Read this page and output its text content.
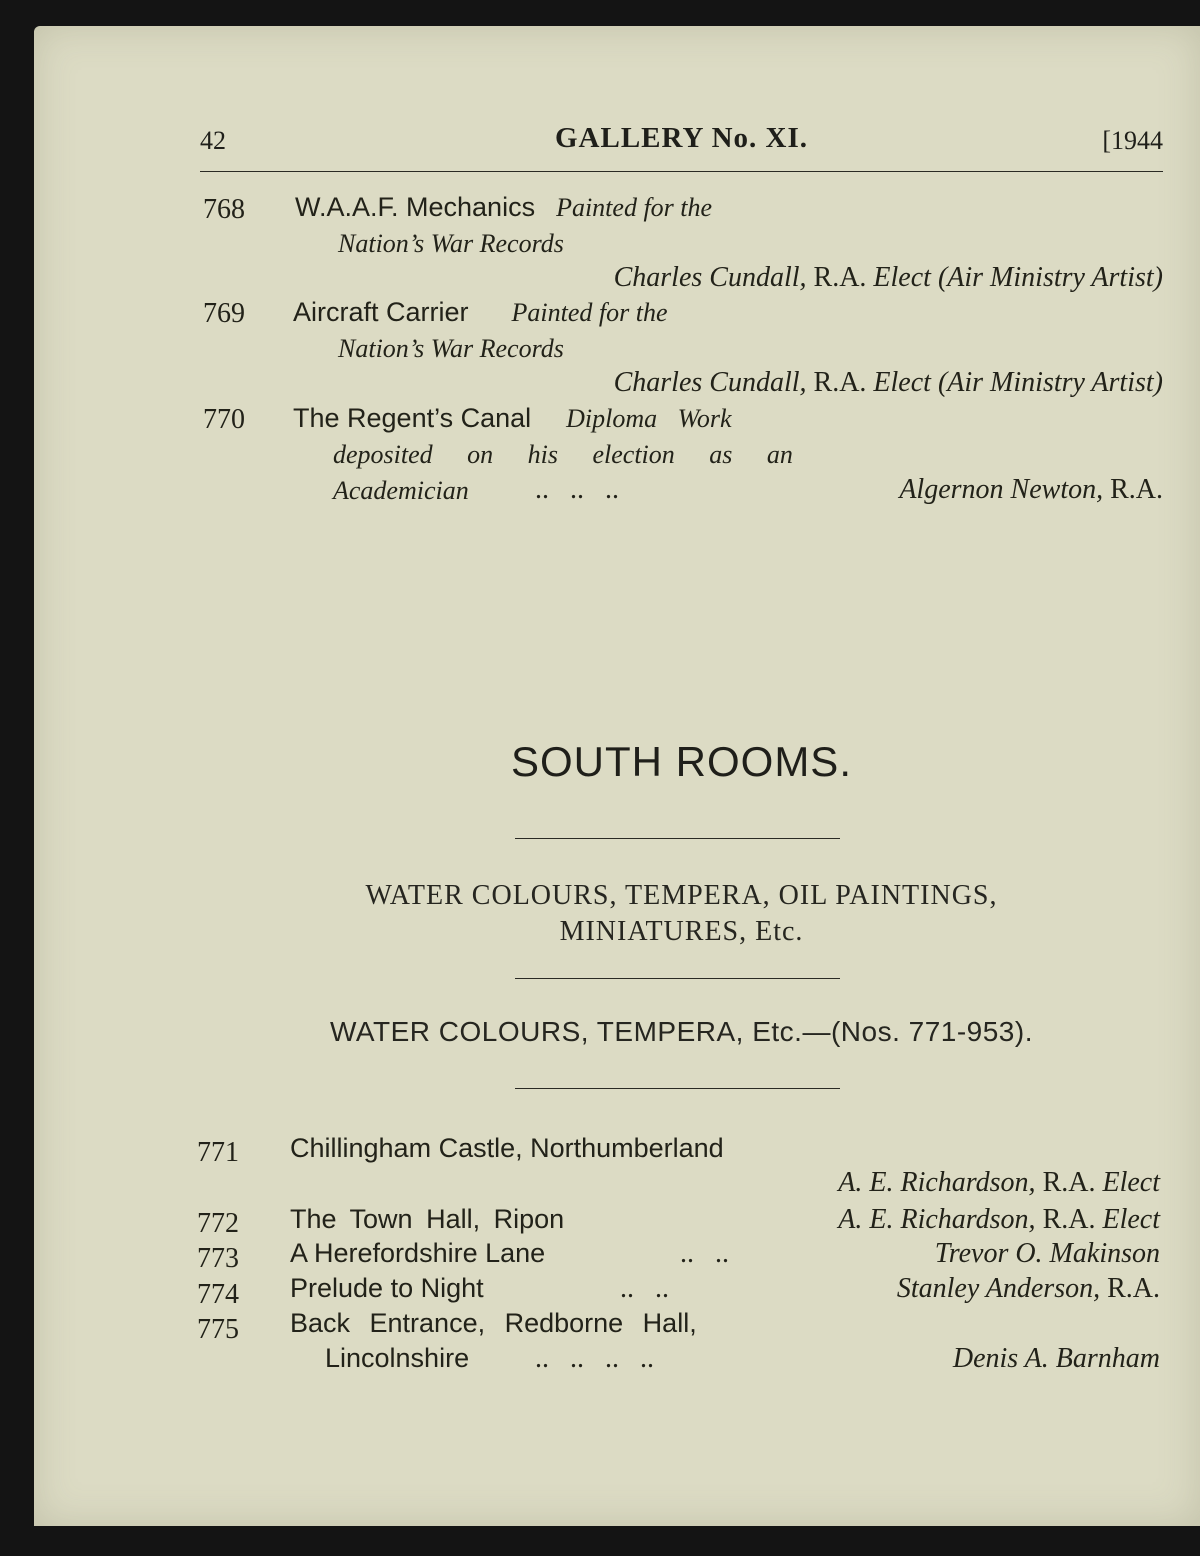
42	GALLERY No. XI.	[1944
768 W.A.A.F. Mechanics Painted for the
Nation’s War Records
Charles Cundall, R.A. Elect (Air Ministry Artist)
769 Aircraft Carrier Painted for the
Nation’s War Records
Charles Cundall, R.A. Elect (Air Ministry Artist)
770 The Regent’s Canal Diploma Work
deposited on his election as an
Academician ..   ..   ..	Algernon Newton, R.A.
SOUTH ROOMS.
WATER COLOURS, TEMPERA, OIL PAINTINGS,
MINIATURES, Etc.
WATER COLOURS, TEMPERA, Etc.—(Nos. 771-953).
771 Chillingham Castle, Northumberland
A. E. Richardson, R.A. Elect
772 The Town Hall, Ripon	A. E. Richardson, R.A. Elect
773 A Herefordshire Lane	..   ..	Trevor O. Makinson
774 Prelude to Night	..   ..	Stanley Anderson, R.A.
775 Back Entrance, Redborne Hall,
Lincolnshire ..   ..   ..   ..	Denis A. Barnham
